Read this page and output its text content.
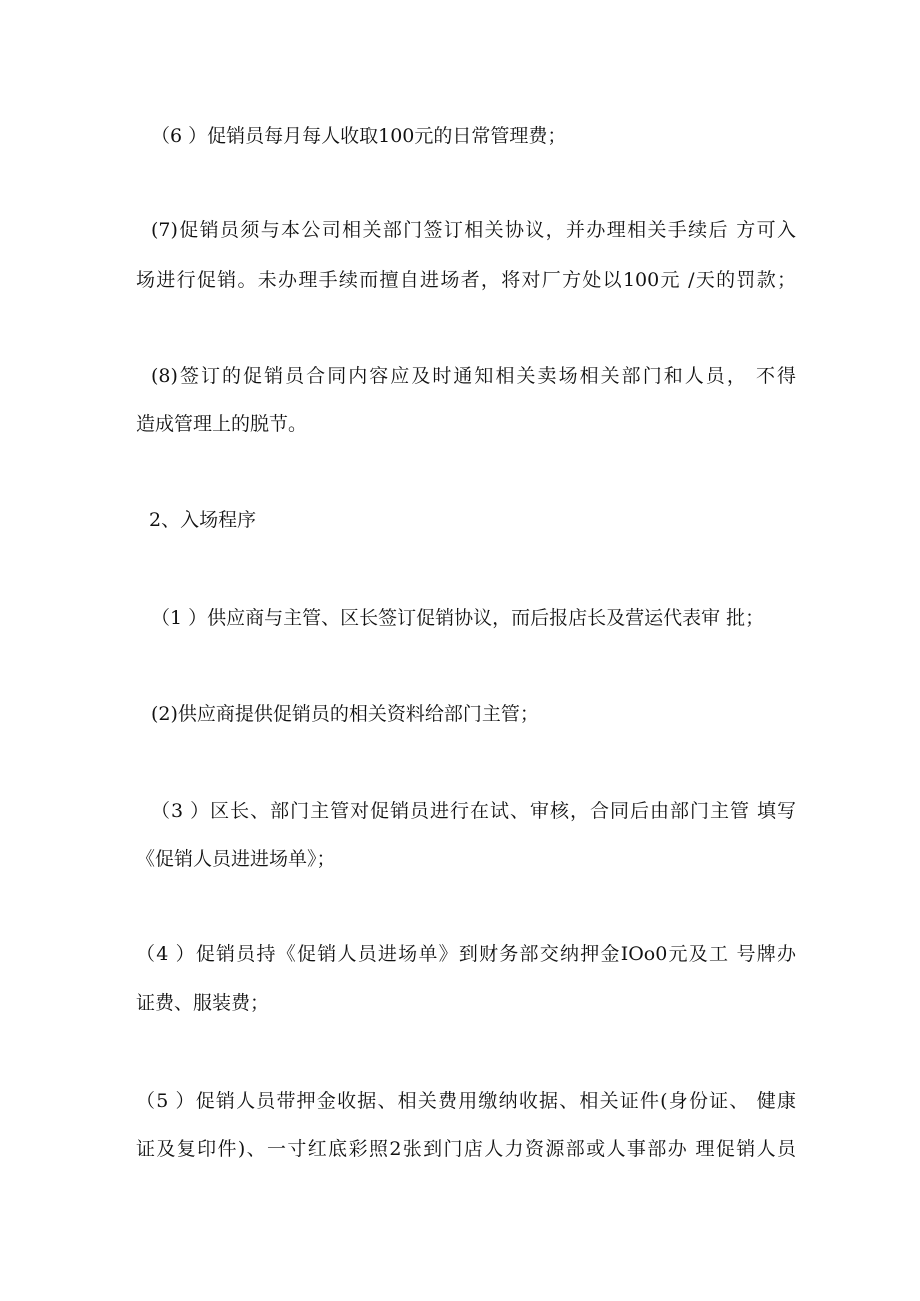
（6 ）促销员每月每人收取100元的日常管理费；
(7)促销员须与本公司相关部门签订相关协议，并办理相关手续后 方可入
场进行促销。未办理手续而擅自进场者，将对厂方处以100元 /天的罚款；
(8)签订的促销员合同内容应及时通知相关卖场相关部门和人员， 不得
造成管理上的脱节。
2、入场程序
（1 ）供应商与主管、区长签订促销协议，而后报店长及营运代表审 批；
(2)供应商提供促销员的相关资料给部门主管；
（3 ）区长、部门主管对促销员进行在试、审核，合同后由部门主管 填写
《促销人员进进场单》；
（4 ）促销员持《促销人员进场单》到财务部交纳押金IOo0元及工 号牌办
证费、服装费；
（5 ）促销人员带押金收据、相关费用缴纳收据、相关证件(身份证、 健康
证及复印件)、一寸红底彩照2张到门店人力资源部或人事部办 理促销人员
